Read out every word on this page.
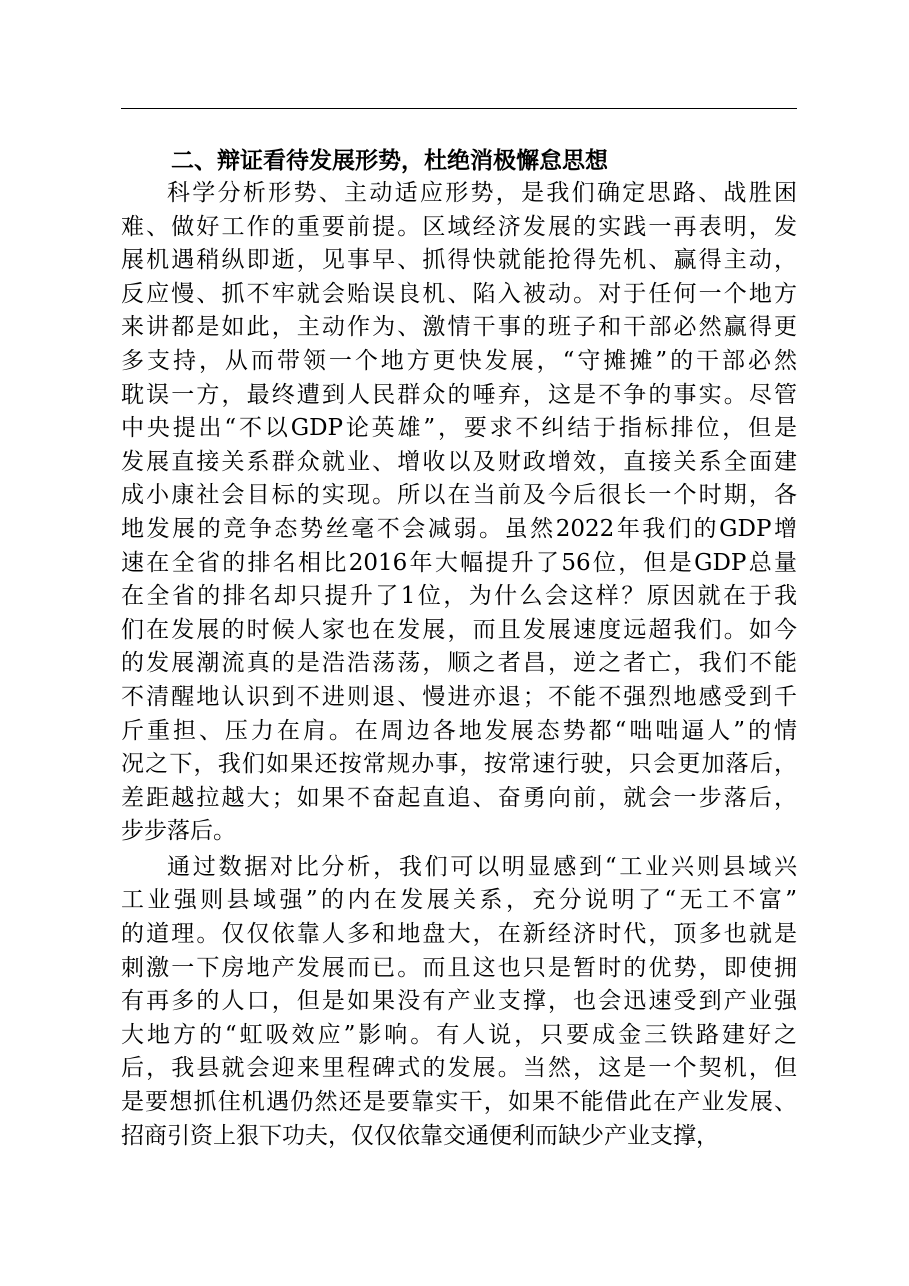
二、辩证看待发展形势，杜绝消极懈怠思想

科学分析形势、主动适应形势，是我们确定思路、战胜困
难、做好工作的重要前提。区域经济发展的实践一再表明，发
展机遇稍纵即逝，见事早、抓得快就能抢得先机、赢得主动，
反应慢、抓不牢就会贻误良机、陷入被动。对于任何一个地方
来讲都是如此，主动作为、激情干事的班子和干部必然赢得更
多支持，从而带领一个地方更快发展，“守摊摊”的干部必然
耽误一方，最终遭到人民群众的唾弃，这是不争的事实。尽管
中央提出“不以GDP论英雄”，要求不纠结于指标排位，但是
发展直接关系群众就业、增收以及财政增效，直接关系全面建
成小康社会目标的实现。所以在当前及今后很长一个时期，各
地发展的竞争态势丝毫不会减弱。虽然2022年我们的GDP增
速在全省的排名相比2016年大幅提升了56位，但是GDP总量
在全省的排名却只提升了1位，为什么会这样？原因就在于我
们在发展的时候人家也在发展，而且发展速度远超我们。如今
的发展潮流真的是浩浩荡荡，顺之者昌，逆之者亡，我们不能
不清醒地认识到不进则退、慢进亦退；不能不强烈地感受到千
斤重担、压力在肩。在周边各地发展态势都“咄咄逼人”的情
况之下，我们如果还按常规办事，按常速行驶，只会更加落后，
差距越拉越大；如果不奋起直追、奋勇向前，就会一步落后，
步步落后。

通过数据对比分析，我们可以明显感到“工业兴则县域兴
工业强则县域强”的内在发展关系，充分说明了“无工不富”
的道理。仅仅依靠人多和地盘大，在新经济时代，顶多也就是
刺激一下房地产发展而已。而且这也只是暂时的优势，即使拥
有再多的人口，但是如果没有产业支撑，也会迅速受到产业强
大地方的“虹吸效应”影响。有人说，只要成金三铁路建好之
后，我县就会迎来里程碑式的发展。当然，这是一个契机，但
是要想抓住机遇仍然还是要靠实干，如果不能借此在产业发展、
招商引资上狠下功夫，仅仅依靠交通便利而缺少产业支撑，
